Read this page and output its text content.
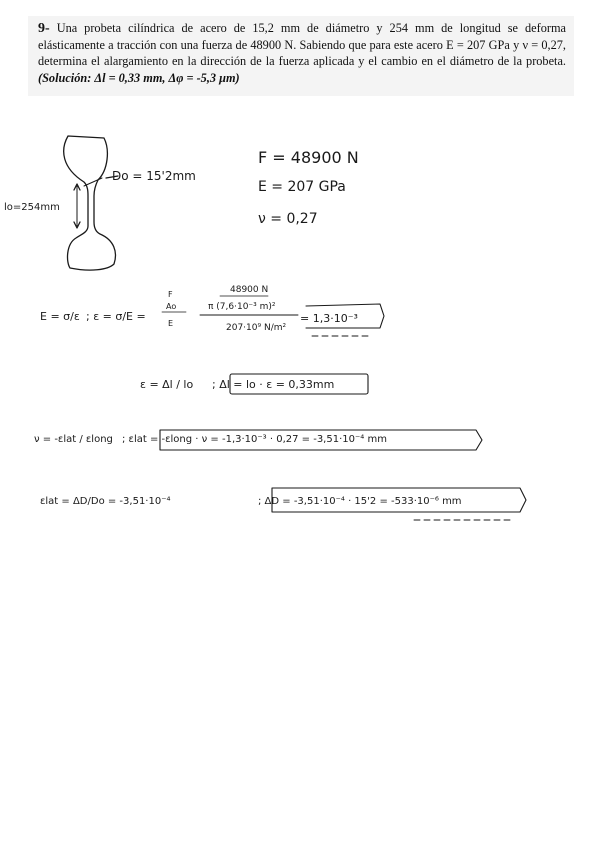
9- Una probeta cilíndrica de acero de 15,2 mm de diámetro y 254 mm de longitud se deforma elásticamente a tracción con una fuerza de 48900 N. Sabiendo que para este acero E = 207 GPa y ν = 0,27, determina el alargamiento en la dirección de la fuerza aplicada y el cambio en el diámetro de la probeta. (Solución: Δl = 0,33 mm, Δφ = -5,3 μm)
Do = 15'2mm
lo=254mm
F = 48900 N
E = 207 GPa
ν = 0,27
E = σ/ε ; ε = σ/E =
F
Ao
E
48900 N
π (7,6·10⁻³ m)²
207·10⁹ N/m²
= 1,3·10⁻³
ε = Δl / lo ; Δl = lo · ε = 0,33mm
ν = -εlat / εlong ; εlat = -εlong · ν = -1,3·10⁻³ · 0,27 = -3,51·10⁻⁴ mm
εlat = ΔD/Do = -3,51·10⁻⁴	; ΔD = -3,51·10⁻⁴ · 15'2 = -533·10⁻⁶ mm
